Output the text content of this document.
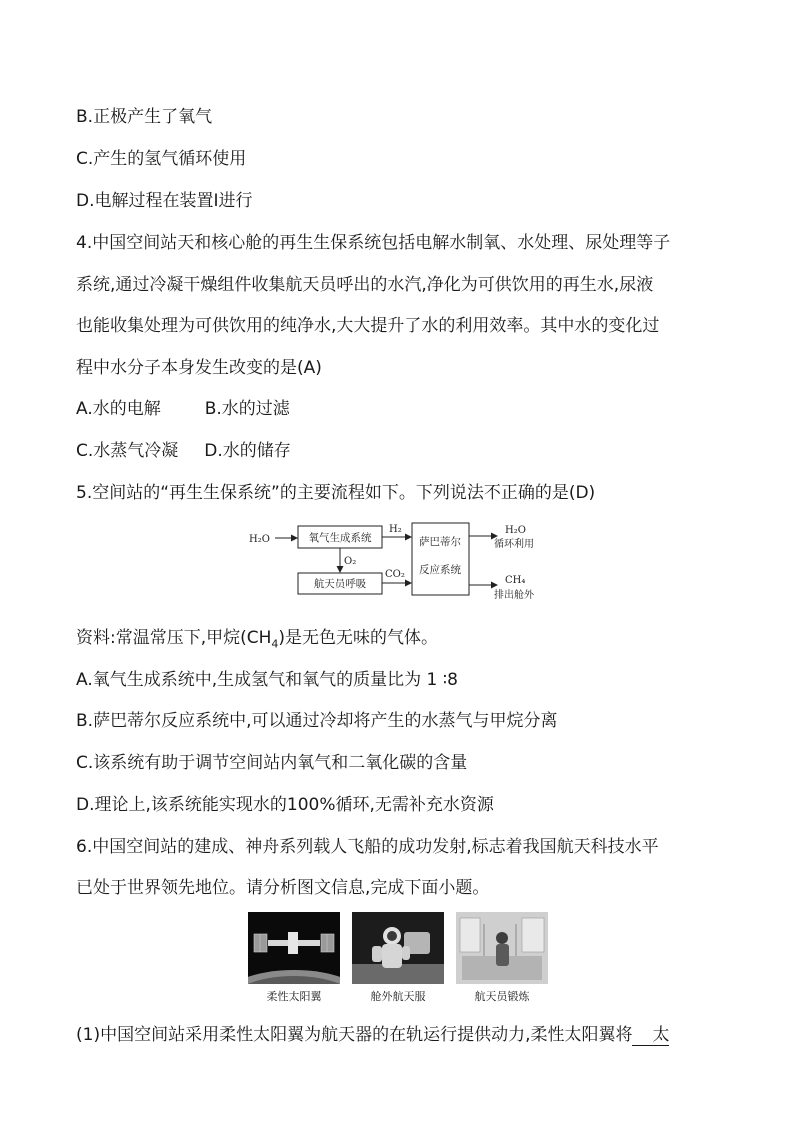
B.正极产生了氧气
C.产生的氢气循环使用
D.电解过程在装置Ⅰ进行
4.中国空间站天和核心舱的再生生保系统包括电解水制氧、水处理、尿处理等子
系统,通过冷凝干燥组件收集航天员呼出的水汽,净化为可供饮用的再生水,尿液
也能收集处理为可供饮用的纯净水,大大提升了水的利用效率。其中水的变化过
程中水分子本身发生改变的是(A)
A.水的电解	B.水的过滤
C.水蒸气冷凝 D.水的储存
5.空间站的“再生生保系统”的主要流程如下。下列说法不正确的是(D)
H₂O	氧气生成系统
H₂
O₂
航天员呼吸
CO₂
萨巴蒂尔
反应系统
H₂O
循环利用
CH₄
排出舱外
资料:常温常压下,甲烷$(CH_4)$是无色无味的气体。
A.氧气生成系统中,生成氢气和氧气的质量比为 1 ∶8
B.萨巴蒂尔反应系统中,可以通过冷却将产生的水蒸气与甲烷分离
C.该系统有助于调节空间站内氧气和二氧化碳的含量
D.理论上,该系统能实现水的100%循环,无需补充水资源
6.中国空间站的建成、神舟系列载人飞船的成功发射,标志着我国航天科技水平
已处于世界领先地位。请分析图文信息,完成下面小题。
柔性太阳翼	舱外航天服	航天员锻炼
(1)中国空间站采用柔性太阳翼为航天器的在轨运行提供动力,柔性太阳翼将 太
